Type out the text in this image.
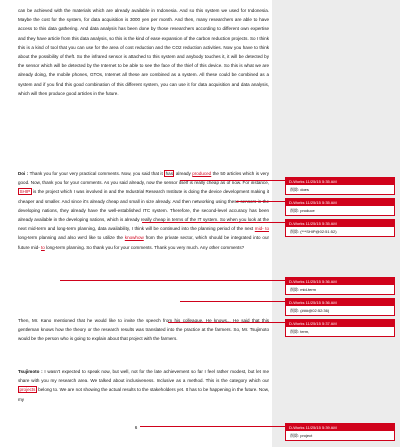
can be achieved with the materials which are already available in Indonesia. And so this system we used for Indonesia. Maybe the cost for the system, for data acquisition is 3000 yen per month. And then, many researchers are able to have access to this data gathering. And data analysis has been done by those researchers according to different own expertise and they have article from this data analysis, so this is the kind of ease expansion of the carbon reduction projects. So I think this is a kind of tool that you can use for the area of cost reduction and the CO2 reduction activities. Now you have to think about the possibility of theft. So the infrared sensor is attached to this system and anybody touches it, it will be detected by the sensor which will be detected by the Internet to be able to see the face of the thief of this device. So this is what we are already doing, the mobile phones, GTOs, Internet all these are combined as a system. All these could be combined as a system and if you find this good combination of this different system, you can use it for data acquisition and data analysis, which will then produce good articles in the future.

Doi : Thank you for your very practical comments. Now, you said that it has already produced the 50 articles which is very good. Now, thank you for your comments. As you said already, now the sensor itself is really cheap as of now. For instance, SHIP is the project which I was involved in and the Industrial Research Institute is doing the device development making it cheaper and smaller. And since it's already cheap and small in size already. And then networking using these sensors in the developing nations, they already have the well-established ITC system. Therefore, the second-level accuracy has been already available in the developing nations, which is already really cheap in terms of the IT system. So when you look at the next mid-term and long-term planning, data availability, I think will be continued into the planning period of the next mid- to long-term planning and also we'd like to utilize the knowhow from the private sector, which should be integrated into our future mid- to long-term planning. So thank you for your comments. Thank you very much. Any other comments?

Then, Mr. Kano mentioned that he would like to invite the speech from his colleague. He knows... He said that this gentleman knows how the theory or the research results was translated into the practice at the farmers. So, Mr. Tsujimoto would be the person who is going to explain about that project with the farmers.

Tsujimoto : I wasn't expected to speak now, but well, not for the late achievement so far I feel rather modest, but let me share with you my research area. We talked about inclusiveness. Inclusive as a method. This is the category which our projects belong to. We are not showing the actual results to the stakeholders yet. It has to be happening in the future. Now, my

6
D-Works 11/25/15 5:35 AM
削除: does
D-Works 11/25/15 5:35 AM
削除: produce
D-Works 11/25/15 5:35 AM
削除: (***SHIP@02:51:52)
D-Works 11/25/15 5:36 AM
削除: mid-term
D-Works 11/25/15 5:36 AM
削除: (###@02:52:36)
D-Works 11/25/15 5:37 AM
削除: term,
D-Works 11/25/15 5:39 AM
削除: project
